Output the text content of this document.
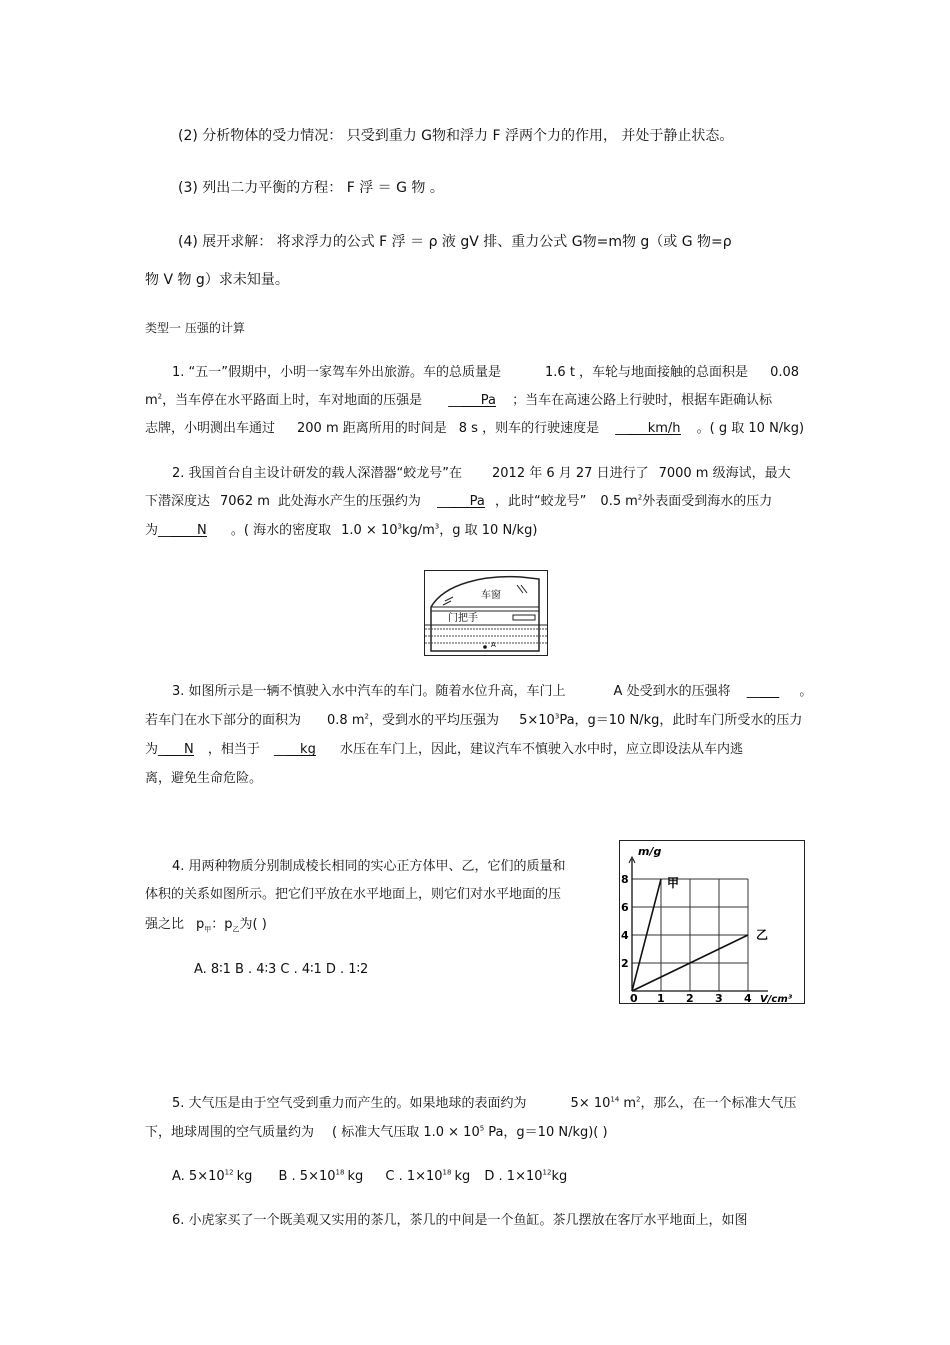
(2) 分析物体的受力情况： 只受到重力 G物和浮力 F 浮两个力的作用， 并处于静止状态。
(3) 列出二力平衡的方程： F 浮 ＝ G 物 。
(4) 展开求解： 将求浮力的公式 F 浮 ＝ ρ 液 gV 排、重力公式 G物=m物 g（或 G 物=ρ
物 V 物 g）求未知量。
类型一 压强的计算
1. “五一”假期中，小明一家驾车外出旅游。车的总质量是	1.6 t ，车轮与地面接触的总面积是 0.08
$m^2$，当车停在水平路面上时，车对地面的压强是 _____Pa ；当车在高速公路上行驶时，根据车距确认标
志牌，小明测出车通过 200 m 距离所用的时间是 8 s ，则车的行驶速度是 _____km/h 。( g 取 10 N/kg)
2. 我国首台自主设计研发的载人深潜器“蛟龙号”在 2012 年 6 月 27 日进行了 7000 m 级海试，最大
下潜深度达 7062 m 此处海水产生的压强约为 _____Pa ，此时“蛟龙号” 0.5 $m^2$外表面受到海水的压力
为______N 。( 海水的密度取 $1.0 \times 10^3kg/m^3$，g 取 10 N/kg)
车窗
门把手
A
3. 如图所示是一辆不慎驶入水中汽车的车门。随着水位升高，车门上	A 处受到水的压强将 _____ 。
若车门在水下部分的面积为 0.8 $m^2$，受到水的平均压强为 $5\times 10^3Pa$，g＝10 N/kg，此时车门所受水的压力
为____N ，相当于 ____kg 水压在车门上，因此，建议汽车不慎驶入水中时，应立即设法从车内逃
离，避免生命危险。
4. 用两种物质分别制成棱长相同的实心正方体甲、乙，它们的质量和
体积的关系如图所示。把它们平放在水平地面上，则它们对水平地面的压
强之比 $p_甲$：$p_乙$为( )
A. 8∶1 B . 4∶3 C . 4∶1 D . 1∶2
0 1 2 3 4
2
4
6
8	甲
乙
m/g
V/cm³
5. 大气压是由于空气受到重力而产生的。如果地球的表面约为	$5\times 10^{14}$ $m^2$，那么，在一个标准大气压
下，地球周围的空气质量约为 ( 标准大气压取 $1.0 \times 10^5$ Pa，g＝10 N/kg)( )
A. $5\times 10^{12}$ kg B . $5\times 10^{18}$ kg C . $1\times 10^{18}$ kg D . $1\times 10^{12}kg$
6. 小虎家买了一个既美观又实用的茶几，茶几的中间是一个鱼缸。茶几摆放在客厅水平地面上，如图
